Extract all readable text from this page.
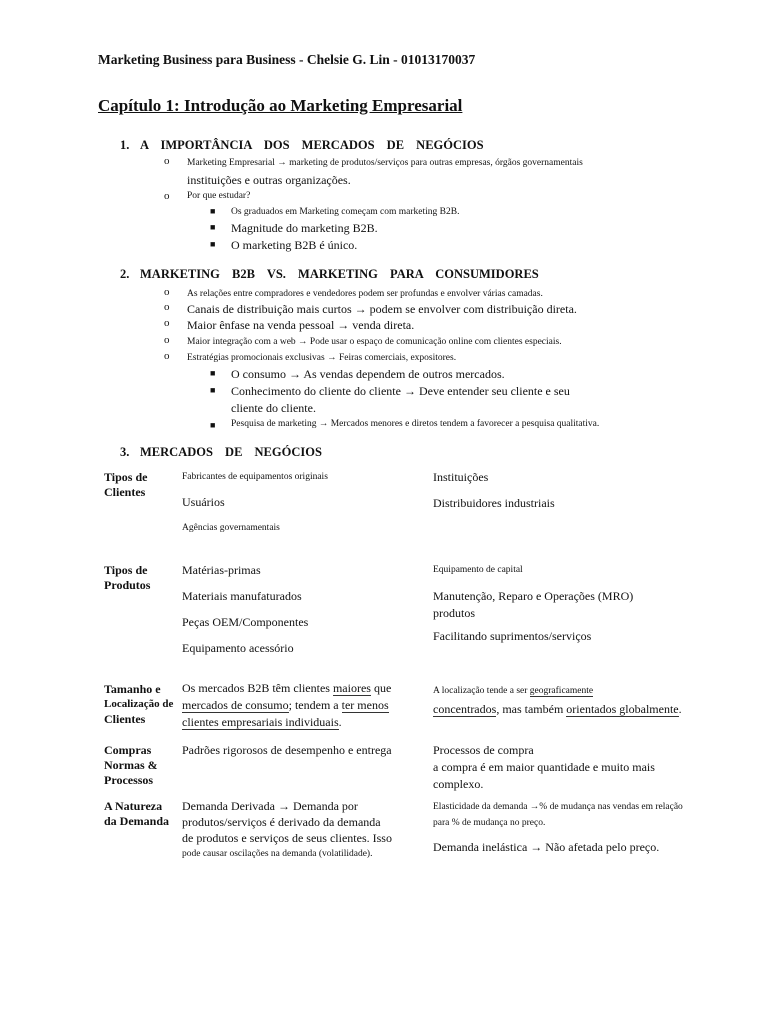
Marketing Business para Business - Chelsie G. Lin - 01013170037
Capítulo 1: Introdução ao Marketing Empresarial
1. A IMPORTÂNCIA DOS MERCADOS DE NEGÓCIOS
o Marketing Empresarial → marketing de produtos/serviços para outras empresas, órgãos governamentais
instituições e outras organizações.
o Por que estudar?
■ Os graduados em Marketing começam com marketing B2B.
■ Magnitude do marketing B2B.
■ O marketing B2B é único.
2. MARKETING B2B VS. MARKETING PARA CONSUMIDORES
o As relações entre compradores e vendedores podem ser profundas e envolver várias camadas.
o Canais de distribuição mais curtos → podem se envolver com distribuição direta.
o Maior ênfase na venda pessoal → venda direta.
o Maior integração com a web → Pode usar o espaço de comunicação online com clientes especiais.
o Estratégias promocionais exclusivas → Feiras comerciais, expositores.
■ O consumo → As vendas dependem de outros mercados.
■ Conhecimento do cliente do cliente → Deve entender seu cliente e seu
cliente do cliente.
■ Pesquisa de marketing → Mercados menores e diretos tendem a favorecer a pesquisa qualitativa.
3. MERCADOS DE NEGÓCIOS
Tipos de
Clientes
Fabricantes de equipamentos originais
Usuários
Agências governamentais
Instituições
Distribuidores industriais
Tipos de
Produtos
Matérias-primas
Materiais manufaturados
Peças OEM/Componentes
Equipamento acessório
Equipamento de capital
Manutenção, Reparo e Operações (MRO)
produtos
Facilitando suprimentos/serviços
Tamanho e
Localização de
Clientes
Os mercados B2B têm clientes maiores que
mercados de consumo; tendem a ter menos
clientes empresariais individuais.
A localização tende a ser geograficamente
concentrados, mas também orientados globalmente.
Compras
Normas &
Processos
Padrões rigorosos de desempenho e entrega	Processos de compra
a compra é em maior quantidade e muito mais
complexo.
A Natureza
da Demanda
Demanda Derivada → Demanda por
produtos/serviços é derivado da demanda
de produtos e serviços de seus clientes. Isso
pode causar oscilações na demanda (volatilidade).
Elasticidade da demanda →% de mudança nas vendas em relação
para % de mudança no preço.
Demanda inelástica → Não afetada pelo preço.
